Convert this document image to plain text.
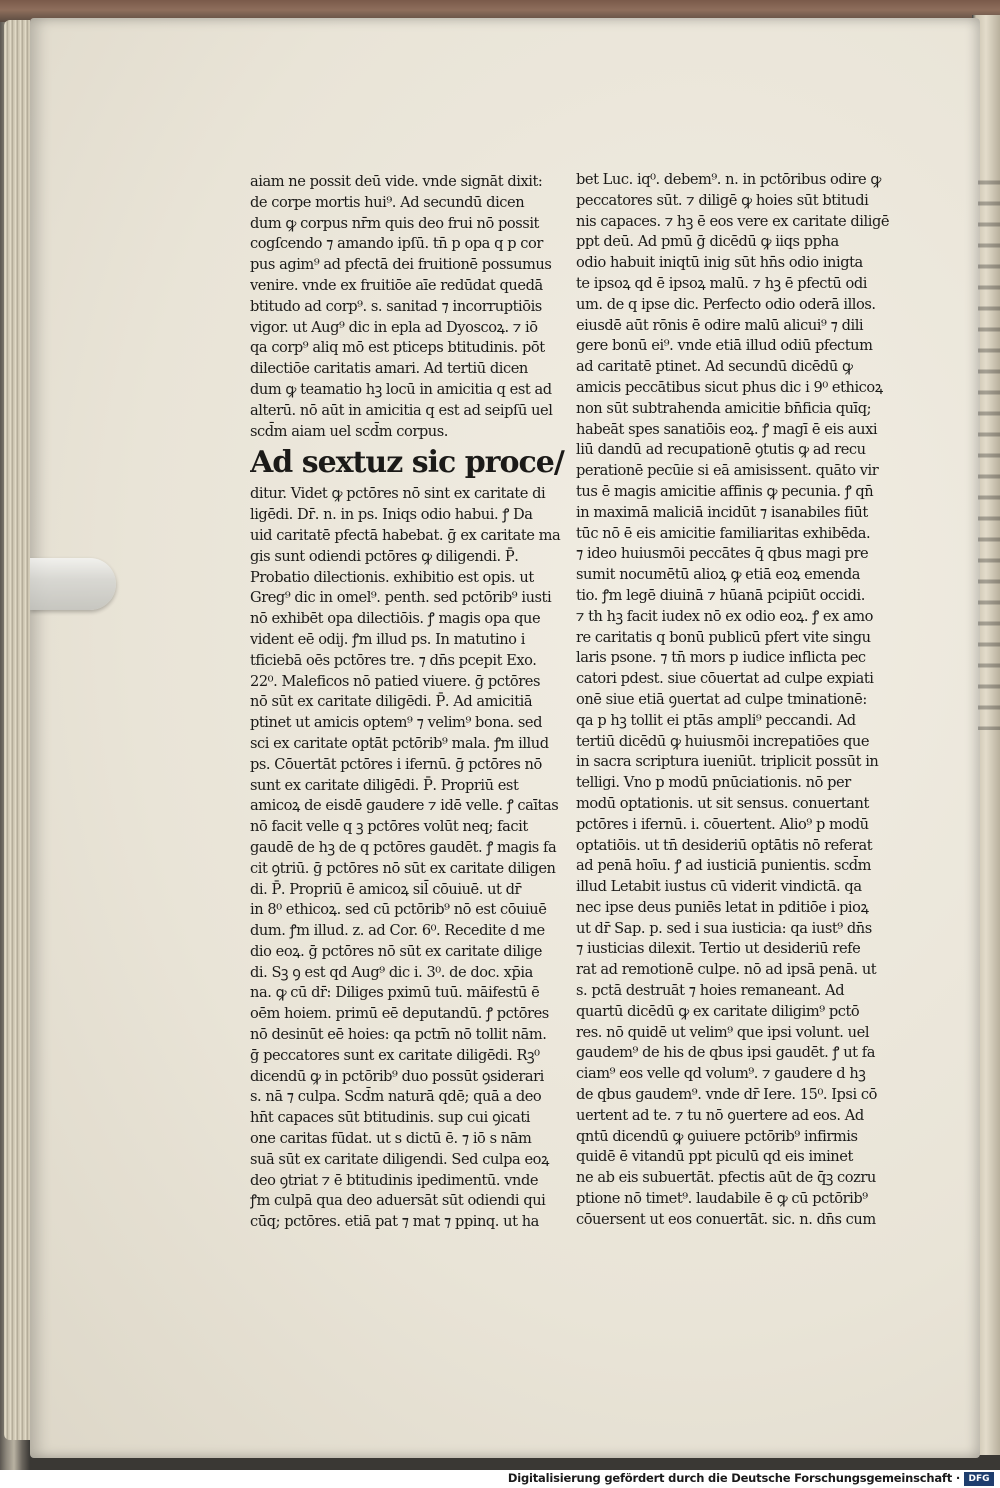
aiam ne possit deū vide. vnde signāt dixit:
de corpe mortis hui⁹. Ad secundū dicen
dum ꝙ corpus nr̄m quis deo frui nō possit
cogſcendo ⁊ amando ipſū. tn̄ p opa q p cor
pus agim⁹ ad pfectā dei fruitionē possumus
venire. vnde ex fruitiōe aīe redūdat quedā
btitudo ad corp⁹. s. sanitad ⁊ incorruptiōis
vigor. ut Aug⁹ dic in epla ad Dyoscoꝝ. ⁊ iō
qa corp⁹ aliq mō est pticeps btitudinis. pōt
dilectiōe caritatis amari. Ad tertiū dicen
dum ꝙ teamatio hꝫ locū in amicitia q est ad
alterū. nō aūt in amicitia q est ad seipſū uel
scd̄m aiam uel scd̄m corpus.
Ad sextuz sic proce/
ditur. Videt ꝙ pctōres nō sint ex caritate di
ligēdi. Dr̄. n. in ps. Iniqs odio habui. ꝭ Da
uid caritatē pfectā habebat. ḡ ex caritate ma
gis sunt odiendi pctōres ꝙ diligendi. P̄.
Probatio dilectionis. exhibitio est opis. ut
Greg⁹ dic in omel⁹. penth. sed pctōrib⁹ iusti
nō exhibēt opa dilectiōis. ꝭ magis opa que
vident eē odij. ꝭm illud ps. In matutino i
tficiebā oēs pctōres tre. ⁊ dn̄s pcepit Exo.
22⁰. Maleficos nō patied viuere. ḡ pctōres
nō sūt ex caritate diligēdi. P̄. Ad amicitiā
ptinet ut amicis optem⁹ ⁊ velim⁹ bona. sed
sci ex caritate optāt pctōrib⁹ mala. ꝭm illud
ps. Cōuertāt pctōres i ifernū. ḡ pctōres nō
sunt ex caritate diligēdi. P̄. Propriū est
amicoꝝ de eisdē gaudere ⁊ idē velle. ꝭ caītas
nō facit velle q ꝫ pctōres volūt neq; facit
gaudē de hꝫ de q pctōres gaudēt. ꝭ magis fa
cit ꝯtriū. ḡ pctōres nō sūt ex caritate diligen
di. P̄. Propriū ē amicoꝝ sil̄ cōuiuē. ut dr̄
in 8⁰ ethicoꝝ. sed cū pctōrib⁹ nō est cōuiuē
dum. ꝭm illud. z. ad Cor. 6⁰. Recedite d me
dio eoꝝ. ḡ pctōres nō sūt ex caritate dilige
di. Sꝫ ꝯ est qd Aug⁹ dic i. 3⁰. de doc. xp̄ia
na. ꝙ cū dr̄: Diliges pximū tuū. māifestū ē
oēm hoiem. primū eē deputandū. ꝭ pctōres
nō desinūt eē hoies: qa pctm̄ nō tollit nām.
ḡ peccatores sunt ex caritate diligēdi. Rꝫ⁰
dicendū ꝙ in pctōrib⁹ duo possūt ꝯsiderari
s. nā ⁊ culpa. Scd̄m naturā qdē; quā a deo
hn̄t capaces sūt btitudinis. sup cui ꝯicati
one caritas fūdat. ut s dictū ē. ⁊ iō s nām
suā sūt ex caritate diligendi. Sed culpa eoꝝ
deo ꝯtriat ⁊ ē btitudinis ipedimentū. vnde
ꝭm culpā qua deo aduersāt sūt odiendi qui
cūq; pctōres. etiā pat ⁊ mat ⁊ ppinq. ut ha
bet Luc. iq⁰. debem⁹. n. in pctōribus odire ꝙ
peccatores sūt. ⁊ diligē ꝙ hoies sūt btitudi
nis capaces. ⁊ hꝫ ē eos vere ex caritate diligē
ppt deū. Ad pmū ḡ dicēdū ꝙ iiqs ppha
odio habuit iniqtū inig sūt hn̄s odio inigta
te ipsoꝝ qd ē ipsoꝝ malū. ⁊ hꝫ ē pfectū odi
um. de q ipse dic. Perfecto odio oderā illos.
eiusdē aūt rōnis ē odire malū alicui⁹ ⁊ dili
gere bonū ei⁹. vnde etiā illud odiū pfectum
ad caritatē ptinet. Ad secundū dicēdū ꝙ
amicis peccātibus sicut phus dic i 9⁰ ethicoꝝ
non sūt subtrahenda amicitie bn̄ficia quīq;
habeāt spes sanatiōis eoꝝ. ꝭ magī ē eis auxi
liū dandū ad recupationē ꝯtutis ꝙ ad recu
perationē pecūie si eā amisissent. quāto vir
tus ē magis amicitie affinis ꝙ pecunia. ꝭ qn̄
in maximā maliciā incidūt ⁊ isanabiles fiūt
tūc nō ē eis amicitie familiaritas exhibēda.
⁊ ideo huiusmōi peccātes q̄ qbus magi pre
sumit nocumētū alioꝝ ꝙ etiā eoꝝ emenda
tio. ꝭm legē diuinā ⁊ hūanā pcipiūt occidi.
⁊ th hꝫ facit iudex nō ex odio eoꝝ. ꝭ ex amo
re caritatis q bonū publicū pfert vite singu
laris psone. ⁊ tn̄ mors p iudice inflicta pec
catori pdest. siue cōuertat ad culpe expiati
onē siue etiā ꝯuertat ad culpe tminationē:
qa p hꝫ tollit ei ptās ampli⁹ peccandi. Ad
tertiū dicēdū ꝙ huiusmōi increpatiōes que
in sacra scriptura iueniūt. triplicit possūt in
telligi. Vno p modū pnūciationis. nō per
modū optationis. ut sit sensus. conuertant
pctōres i ifernū. i. cōuertent. Alio⁹ p modū
optatiōis. ut tn̄ desideriū optātis nō referat
ad penā hoīu. ꝭ ad iusticiā punientis. scd̄m
illud Letabit iustus cū viderit vindictā. qa
nec ipse deus puniēs letat in pditiōe i pioꝝ
ut dr̄ Sap. p. sed i sua iusticia: qa iust⁹ dn̄s
⁊ iusticias dilexit. Tertio ut desideriū refe
rat ad remotionē culpe. nō ad ipsā penā. ut
s. pctā destruāt ⁊ hoies remaneant. Ad
quartū dicēdū ꝙ ex caritate diligim⁹ pctō
res. nō quidē ut velim⁹ que ipsi volunt. uel
gaudem⁹ de his de qbus ipsi gaudēt. ꝭ ut fa
ciam⁹ eos velle qd volum⁹. ⁊ gaudere d hꝫ
de qbus gaudem⁹. vnde dr̄ Iere. 15⁰. Ipsi cō
uertent ad te. ⁊ tu nō ꝯuertere ad eos. Ad
qntū dicendū ꝙ ꝯuiuere pctōrib⁹ infirmis
quidē ē vitandū ppt piculū qd eis iminet
ne ab eis subuertāt. pfectis aūt de q̄ꝫ cozru
ptione nō timet⁹. laudabile ē ꝙ cū pctōrib⁹
cōuersent ut eos conuertāt. sic. n. dn̄s cum
Digitalisierung gefördert durch die Deutsche Forschungsgemeinschaft · DFG
